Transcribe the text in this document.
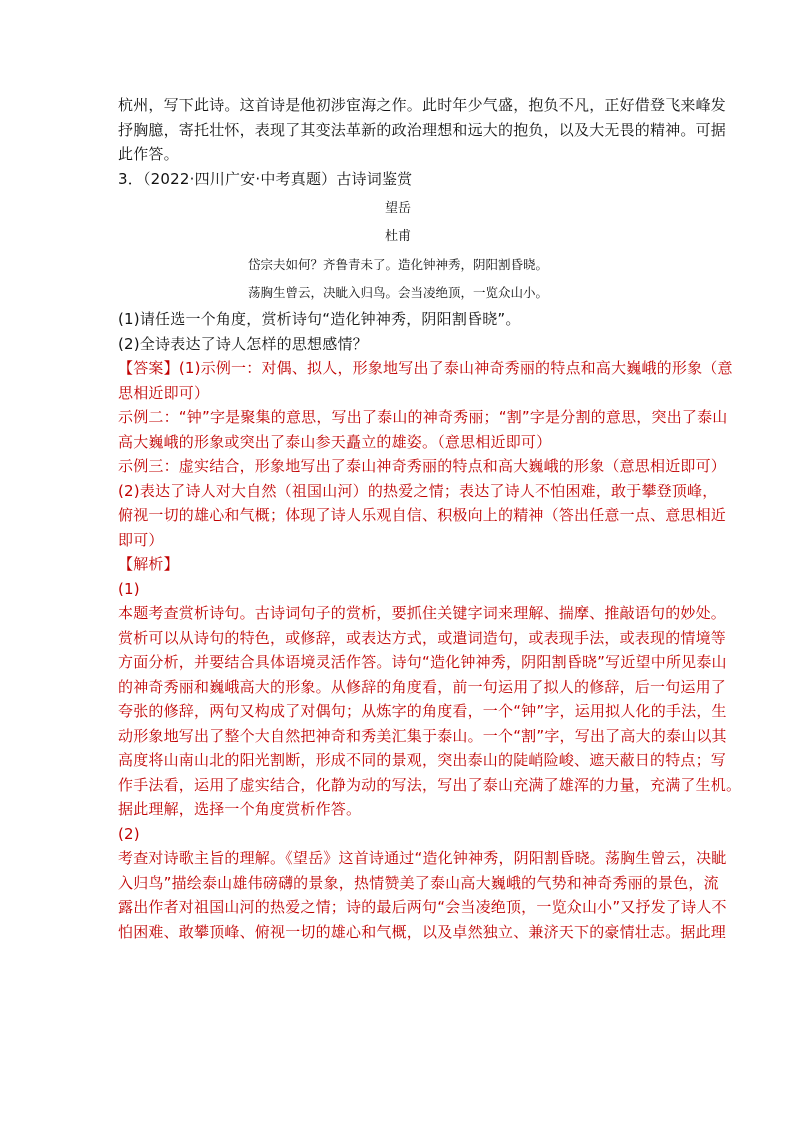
杭州，写下此诗。这首诗是他初涉宦海之作。此时年少气盛，抱负不凡，正好借登飞来峰发
抒胸臆，寄托壮怀，表现了其变法革新的政治理想和远大的抱负，以及大无畏的精神。可据
此作答。
3．（2022·四川广安·中考真题）古诗词鉴赏
望岳
杜甫
岱宗夫如何？齐鲁青未了。造化钟神秀，阴阳割昏晓。
荡胸生曾云，决眦入归鸟。会当凌绝顶，一览众山小。
(1)请任选一个角度，赏析诗句“造化钟神秀，阴阳割昏晓”。
(2)全诗表达了诗人怎样的思想感情？
【答案】(1)示例一：对偶、拟人，形象地写出了泰山神奇秀丽的特点和高大巍峨的形象（意
思相近即可）
示例二：“钟”字是聚集的意思，写出了泰山的神奇秀丽；“割”字是分割的意思，突出了泰山
高大巍峨的形象或突出了泰山参天矗立的雄姿。（意思相近即可）
示例三：虚实结合，形象地写出了泰山神奇秀丽的特点和高大巍峨的形象（意思相近即可）
(2)表达了诗人对大自然（祖国山河）的热爱之情；表达了诗人不怕困难，敢于攀登顶峰，
俯视一切的雄心和气概；体现了诗人乐观自信、积极向上的精神（答出任意一点、意思相近
即可）
【解析】
(1)
本题考查赏析诗句。古诗词句子的赏析，要抓住关键字词来理解、揣摩、推敲语句的妙处。
赏析可以从诗句的特色，或修辞，或表达方式，或遣词造句，或表现手法，或表现的情境等
方面分析，并要结合具体语境灵活作答。诗句“造化钟神秀，阴阳割昏晓”写近望中所见泰山
的神奇秀丽和巍峨高大的形象。从修辞的角度看，前一句运用了拟人的修辞，后一句运用了
夸张的修辞，两句又构成了对偶句；从炼字的角度看，一个“钟”字，运用拟人化的手法，生
动形象地写出了整个大自然把神奇和秀美汇集于泰山。一个“割”字，写出了高大的泰山以其
高度将山南山北的阳光割断，形成不同的景观，突出泰山的陡峭险峻、遮天蔽日的特点；写
作手法看，运用了虚实结合，化静为动的写法，写出了泰山充满了雄浑的力量，充满了生机。
据此理解，选择一个角度赏析作答。
(2)
考查对诗歌主旨的理解。《望岳》这首诗通过“造化钟神秀，阴阳割昏晓。荡胸生曾云，决眦
入归鸟”描绘泰山雄伟磅礴的景象，热情赞美了泰山高大巍峨的气势和神奇秀丽的景色，流
露出作者对祖国山河的热爱之情；诗的最后两句“会当凌绝顶，一览众山小”又抒发了诗人不
怕困难、敢攀顶峰、俯视一切的雄心和气概，以及卓然独立、兼济天下的豪情壮志。据此理
